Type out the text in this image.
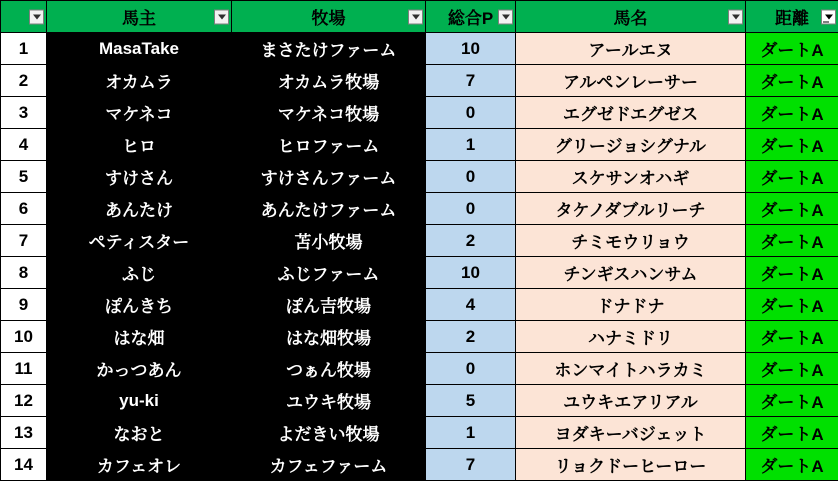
	馬主	牧場	総合P	馬名	距離

1	MasaTake	まさたけファーム	10	アールエヌ	ダートA
2	オカムラ	オカムラ牧場	7	アルペンレーサー	ダートA
3	マケネコ	マケネコ牧場	0	エグゼドエグゼス	ダートA
4	ヒロ	ヒロファーム	1	グリージョシグナル	ダートA
5	すけさん	すけさんファーム	0	スケサンオハギ	ダートA
6	あんたけ	あんたけファーム	0	タケノダブルリーチ	ダートA
7	ペティスター	苫小牧場	2	チミモウリョウ	ダートA
8	ふじ	ふじファーム	10	チンギスハンサム	ダートA
9	ぽんきち	ぽん吉牧場	4	ドナドナ	ダートA
10	はな畑	はな畑牧場	2	ハナミドリ	ダートA
11	かっつあん	つぁん牧場	0	ホンマイトハラカミ	ダートA
12	yu-ki	ユウキ牧場	5	ユウキエアリアル	ダートA
13	なおと	よだきい牧場	1	ヨダキーバジェット	ダートA
14	カフェオレ	カフェファーム	7	リョクドーヒーロー	ダートA
